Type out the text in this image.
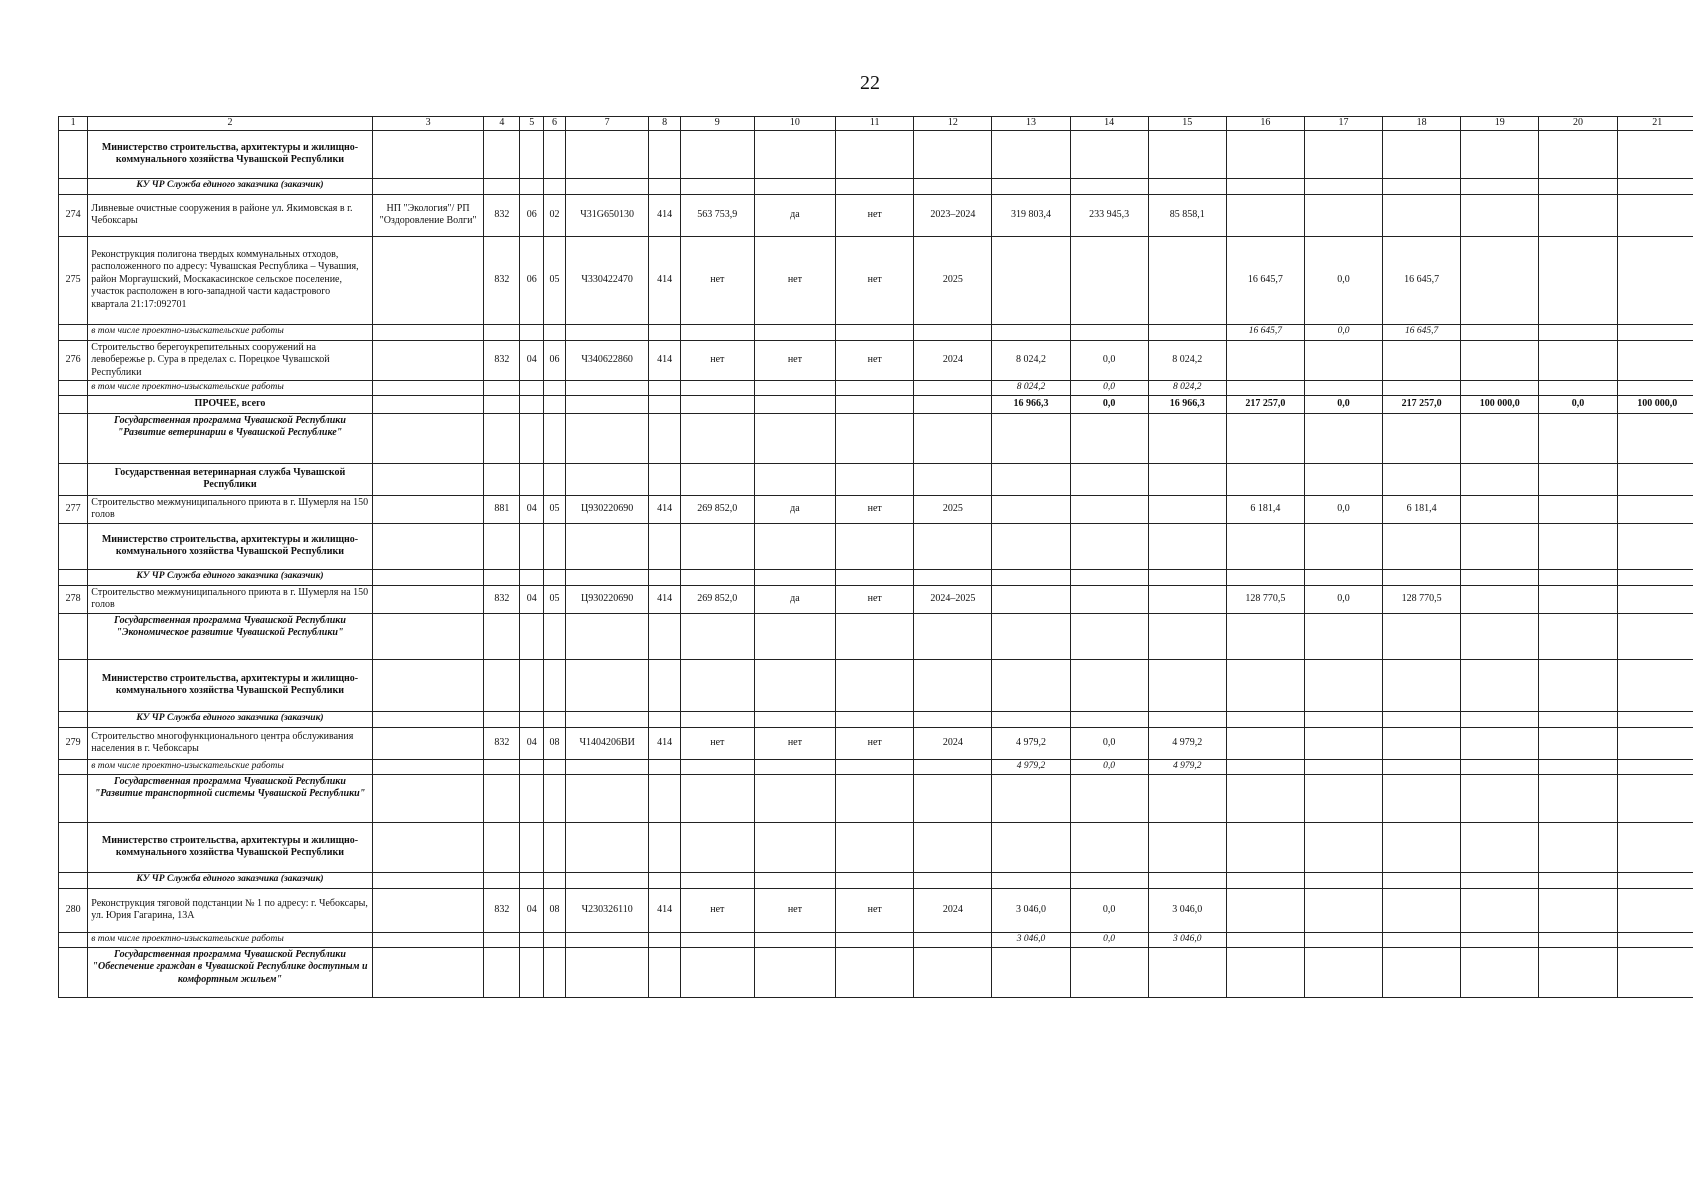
22
1	2	3	4	5	6	7	8	9	10	11	12	13	14	15	16	17	18	19	20	21
	Министерство строительства, архитектуры и жилищно-коммунального хозяйства Чувашской Республики																			
	КУ ЧР Служба единого заказчика (заказчик)																			
274	Ливневые очистные сооружения в районе ул. Якимовская в г. Чебоксары	НП "Экология"/ РП "Оздоровление Волги"	832	06	02	Ч31G650130	414	563 753,9	да	нет	2023–2024	319 803,4	233 945,3	85 858,1						
275	Реконструкция полигона твердых коммунальных отходов, расположенного по адресу: Чувашская Республика – Чувашия, район Моргаушский, Москакасинское сельское поселение, участок расположен в юго-западной части кадастрового квартала 21:17:092701		832	06	05	Ч330422470	414	нет	нет	нет	2025				16 645,7	0,0	16 645,7			
	в том числе проектно-изыскательские работы														16 645,7	0,0	16 645,7			
276	Строительство берегоукрепительных сооружений на левобережье р. Сура в пределах с. Порецкое Чувашской Республики		832	04	06	Ч340622860	414	нет	нет	нет	2024	8 024,2	0,0	8 024,2						
	в том числе проектно-изыскательские работы											8 024,2	0,0	8 024,2						
	ПРОЧЕЕ, всего											16 966,3	0,0	16 966,3	217 257,0	0,0	217 257,0	100 000,0	0,0	100 000,0
	Государственная программа Чувашской Республики "Развитие ветеринарии в Чувашской Республике"																			
	Государственная ветеринарная служба Чувашской Республики																			
277	Строительство межмуниципального приюта в г. Шумерля на 150 голов		881	04	05	Ц930220690	414	269 852,0	да	нет	2025				6 181,4	0,0	6 181,4			
	Министерство строительства, архитектуры и жилищно-коммунального хозяйства Чувашской Республики																			
	КУ ЧР Служба единого заказчика (заказчик)																			
278	Строительство межмуниципального приюта в г. Шумерля на 150 голов		832	04	05	Ц930220690	414	269 852,0	да	нет	2024–2025				128 770,5	0,0	128 770,5			
	Государственная программа Чувашской Республики "Экономическое развитие Чувашской Республики"																			
	Министерство строительства, архитектуры и жилищно-коммунального хозяйства Чувашской Республики																			
	КУ ЧР Служба единого заказчика (заказчик)																			
279	Строительство многофункционального центра обслуживания населения в г. Чебоксары		832	04	08	Ч1404206ВИ	414	нет	нет	нет	2024	4 979,2	0,0	4 979,2						
	в том числе проектно-изыскательские работы											4 979,2	0,0	4 979,2						
	Государственная программа Чувашской Республики "Развитие транспортной системы Чувашской Республики"																			
	Министерство строительства, архитектуры и жилищно-коммунального хозяйства Чувашской Республики																			
	КУ ЧР Служба единого заказчика (заказчик)																			
280	Реконструкция тяговой подстанции № 1 по адресу: г. Чебоксары, ул. Юрия Гагарина, 13А		832	04	08	Ч230326110	414	нет	нет	нет	2024	3 046,0	0,0	3 046,0						
	в том числе проектно-изыскательские работы											3 046,0	0,0	3 046,0						
	Государственная программа Чувашской Республики "Обеспечение граждан в Чувашской Республике доступным и комфортным жильем"																			
